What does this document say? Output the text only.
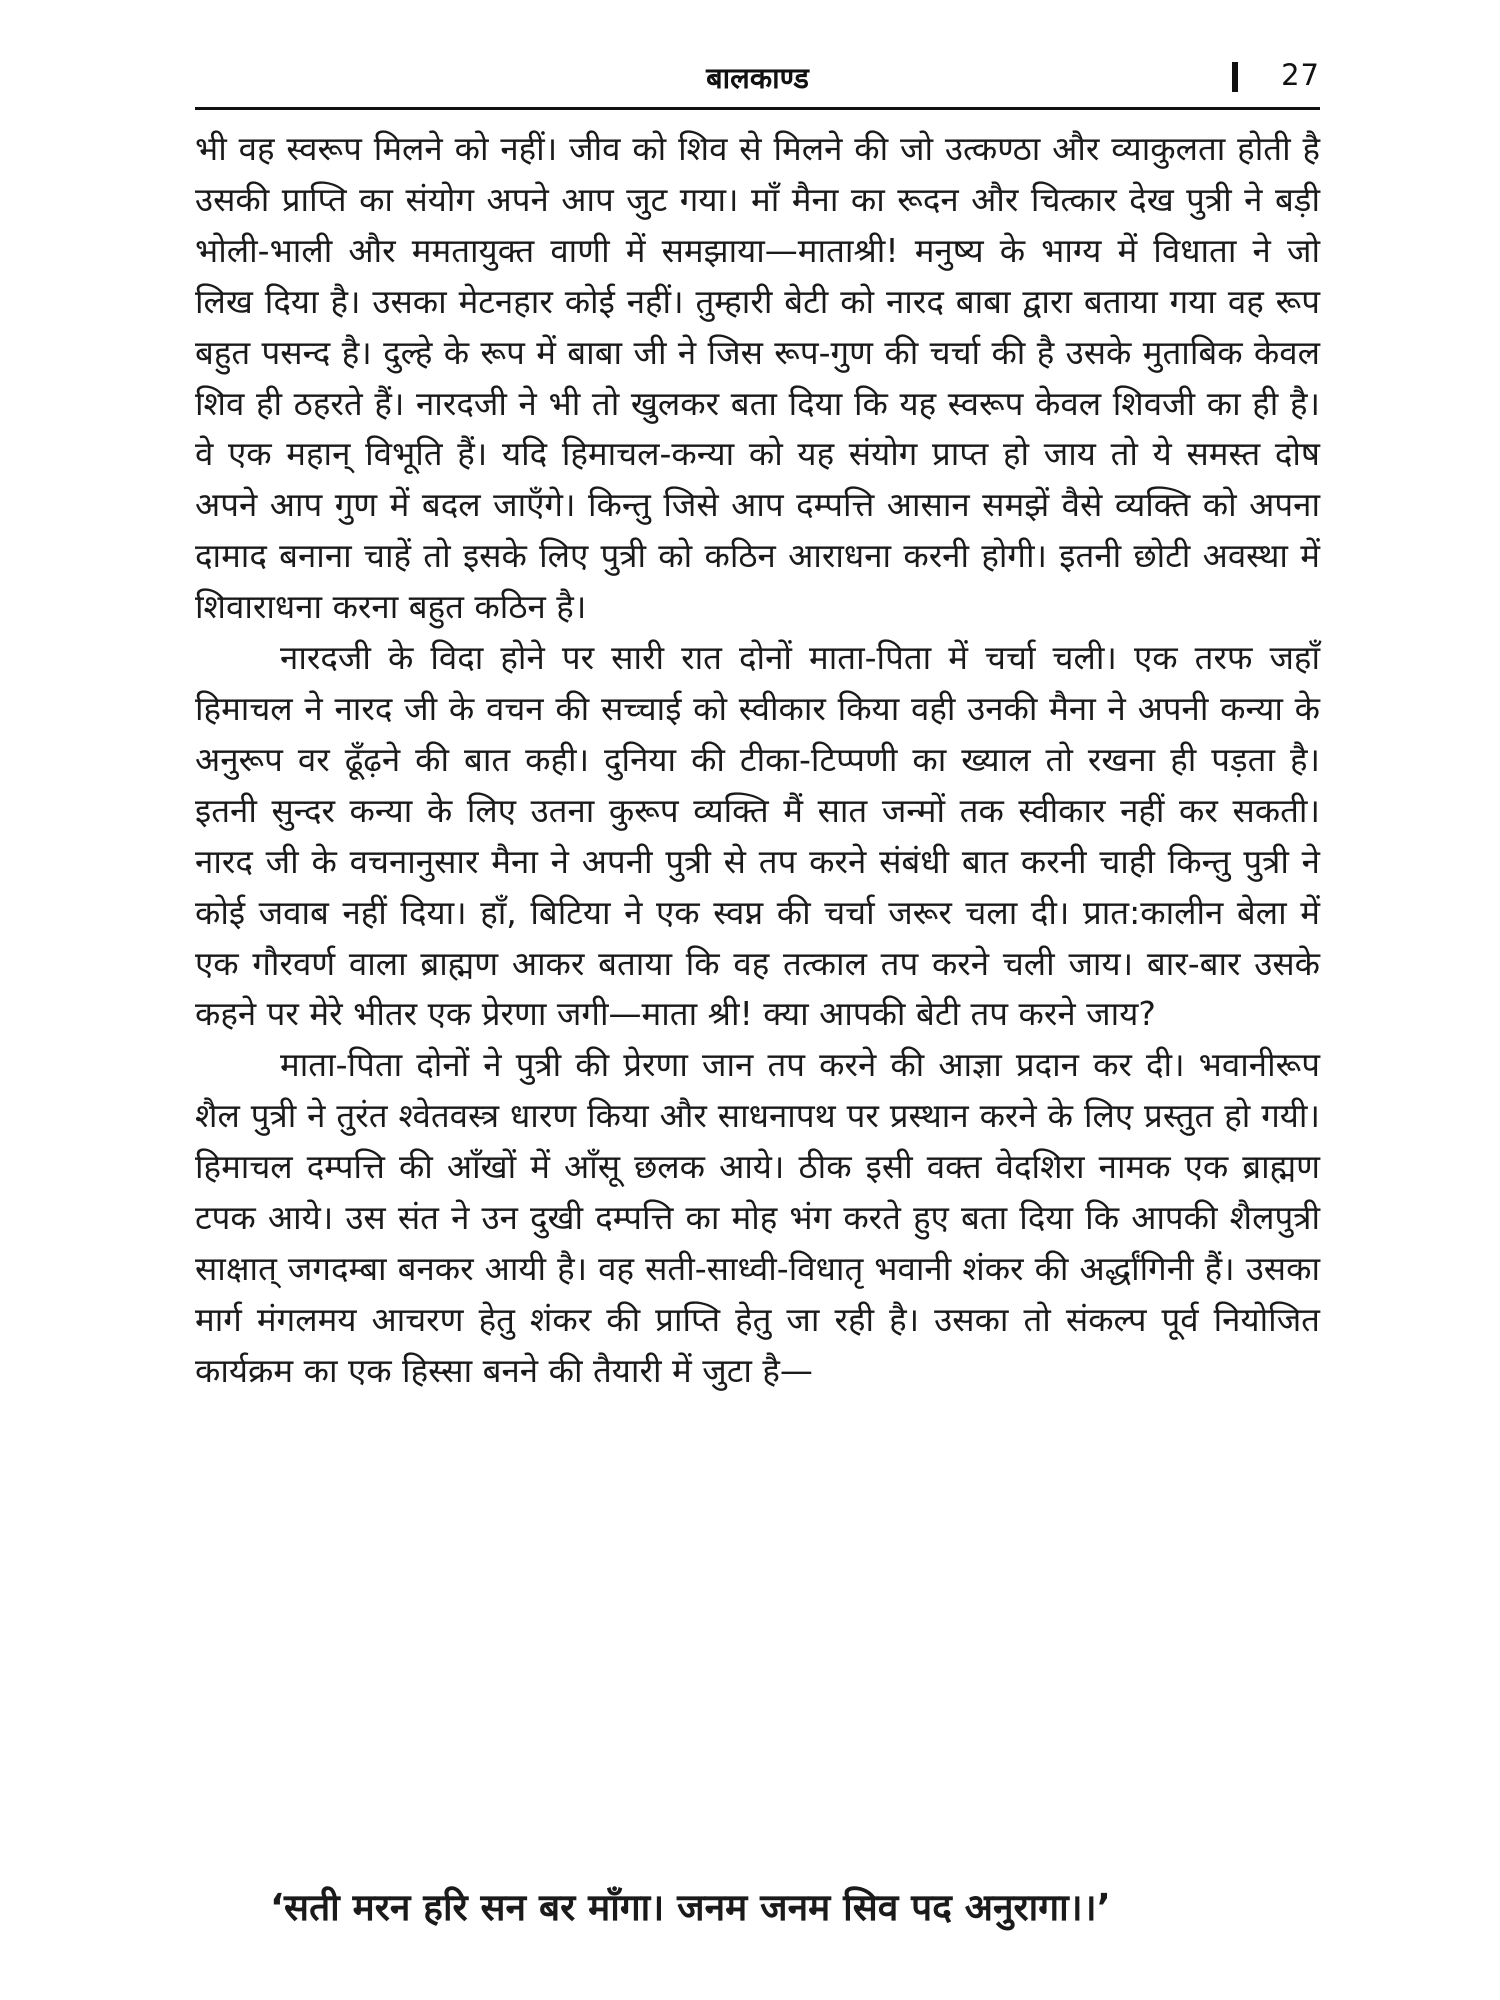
बालकाण्ड	27

भी वह स्वरूप मिलने को नहीं। जीव को शिव से मिलने की जो उत्कण्ठा और व्याकुलता होती है उसकी प्राप्ति का संयोग अपने आप जुट गया। माँ मैना का रूदन और चित्कार देख पुत्री ने बड़ी भोली-भाली और ममतायुक्त वाणी में समझाया—माताश्री! मनुष्य के भाग्य में विधाता ने जो लिख दिया है। उसका मेटनहार कोई नहीं। तुम्हारी बेटी को नारद बाबा द्वारा बताया गया वह रूप बहुत पसन्द है। दुल्हे के रूप में बाबा जी ने जिस रूप-गुण की चर्चा की है उसके मुताबिक केवल शिव ही ठहरते हैं। नारदजी ने भी तो खुलकर बता दिया कि यह स्वरूप केवल शिवजी का ही है। वे एक महान् विभूति हैं। यदि हिमाचल-कन्या को यह संयोग प्राप्त हो जाय तो ये समस्त दोष अपने आप गुण में बदल जाएँगे। किन्तु जिसे आप दम्पत्ति आसान समझें वैसे व्यक्ति को अपना दामाद बनाना चाहें तो इसके लिए पुत्री को कठिन आराधना करनी होगी। इतनी छोटी अवस्था में शिवाराधना करना बहुत कठिन है।

नारदजी के विदा होने पर सारी रात दोनों माता-पिता में चर्चा चली। एक तरफ जहाँ हिमाचल ने नारद जी के वचन की सच्चाई को स्वीकार किया वही उनकी मैना ने अपनी कन्या के अनुरूप वर ढूँढ़ने की बात कही। दुनिया की टीका-टिप्पणी का ख्याल तो रखना ही पड़ता है। इतनी सुन्दर कन्या के लिए उतना कुरूप व्यक्ति मैं सात जन्मों तक स्वीकार नहीं कर सकती। नारद जी के वचनानुसार मैना ने अपनी पुत्री से तप करने संबंधी बात करनी चाही किन्तु पुत्री ने कोई जवाब नहीं दिया। हाँ, बिटिया ने एक स्वप्न की चर्चा जरूर चला दी। प्रात:कालीन बेला में एक गौरवर्ण वाला ब्राह्मण आकर बताया कि वह तत्काल तप करने चली जाय। बार-बार उसके कहने पर मेरे भीतर एक प्रेरणा जगी—माता श्री! क्या आपकी बेटी तप करने जाय?

माता-पिता दोनों ने पुत्री की प्रेरणा जान तप करने की आज्ञा प्रदान कर दी। भवानीरूप शैल पुत्री ने तुरंत श्वेतवस्त्र धारण किया और साधनापथ पर प्रस्थान करने के लिए प्रस्तुत हो गयी। हिमाचल दम्पत्ति की आँखों में आँसू छलक आये। ठीक इसी वक्त वेदशिरा नामक एक ब्राह्मण टपक आये। उस संत ने उन दुखी दम्पत्ति का मोह भंग करते हुए बता दिया कि आपकी शैलपुत्री साक्षात् जगदम्बा बनकर आयी है। वह सती-साध्वी-विधातृ भवानी शंकर की अर्द्धांगिनी हैं। उसका मार्ग मंगलमय आचरण हेतु शंकर की प्राप्ति हेतु जा रही है। उसका तो संकल्प पूर्व नियोजित कार्यक्रम का एक हिस्सा बनने की तैयारी में जुटा है—

‘सती मरन हरि सन बर माँगा। जनम जनम सिव पद अनुरागा।।’
